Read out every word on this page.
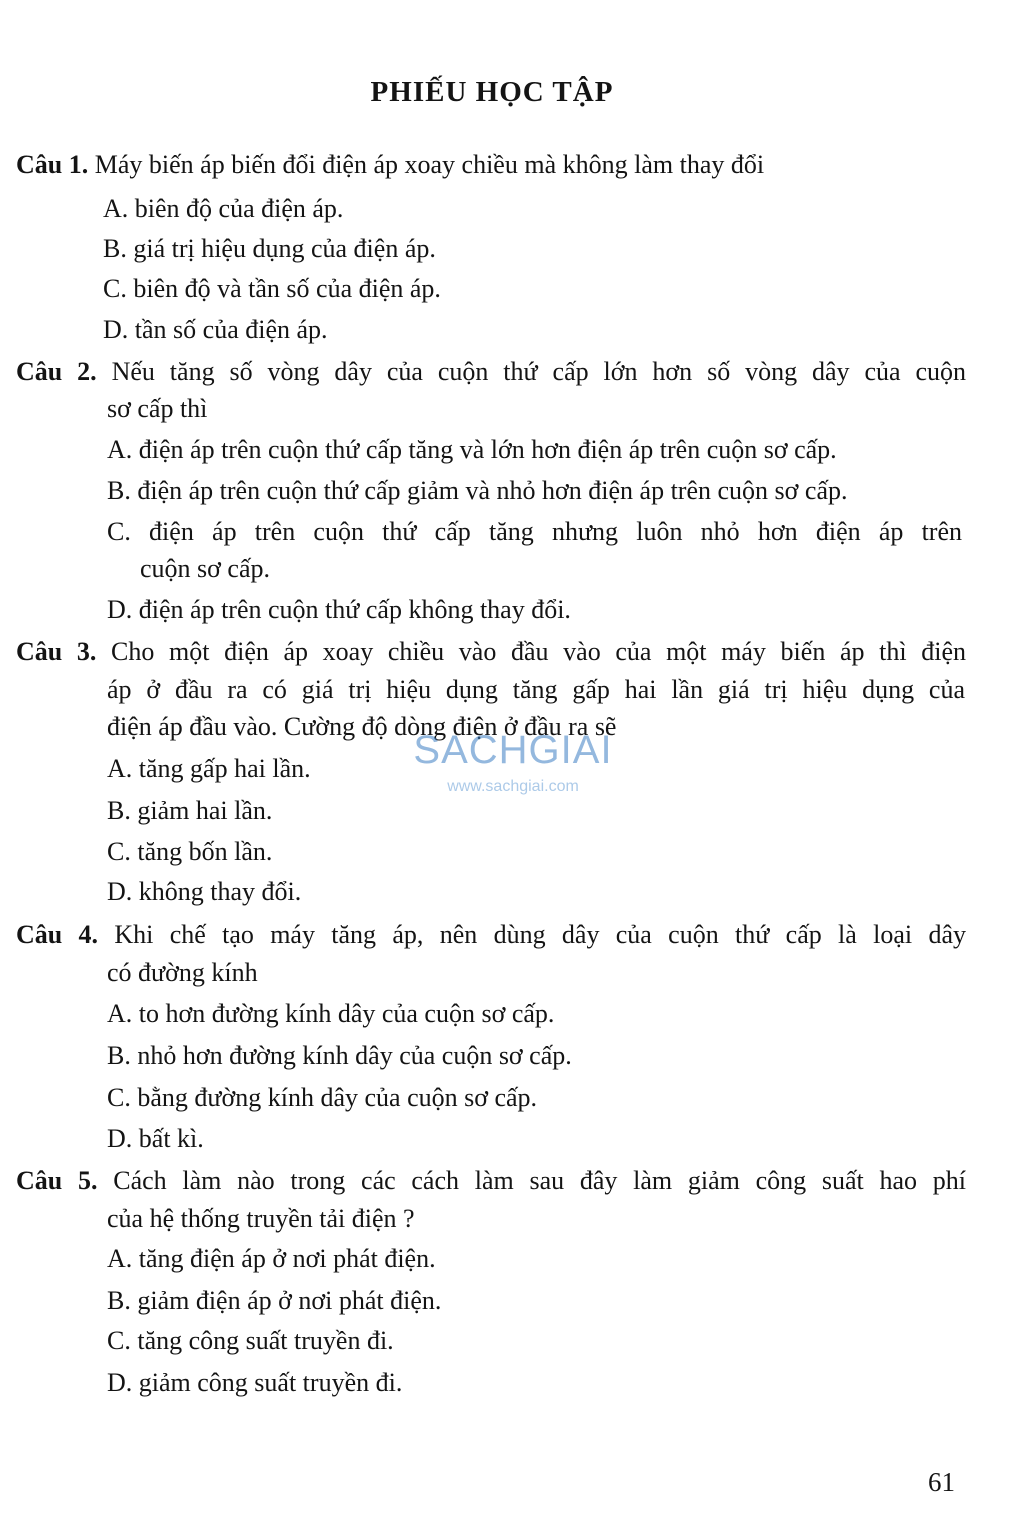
PHIẾU HỌC TẬP
Câu 1. Máy biến áp biến đổi điện áp xoay chiều mà không làm thay đổi
A. biên độ của điện áp.
B. giá trị hiệu dụng của điện áp.
C. biên độ và tần số của điện áp.
D. tần số của điện áp.
Câu 2. Nếu tăng số vòng dây của cuộn thứ cấp lớn hơn số vòng dây của cuộn
sơ cấp thì
A. điện áp trên cuộn thứ cấp tăng và lớn hơn điện áp trên cuộn sơ cấp.
B. điện áp trên cuộn thứ cấp giảm và nhỏ hơn điện áp trên cuộn sơ cấp.
C. điện áp trên cuộn thứ cấp tăng nhưng luôn nhỏ hơn điện áp trên
cuộn sơ cấp.
D. điện áp trên cuộn thứ cấp không thay đổi.
Câu 3. Cho một điện áp xoay chiều vào đầu vào của một máy biến áp thì điện
áp ở đầu ra có giá trị hiệu dụng tăng gấp hai lần giá trị hiệu dụng của
điện áp đầu vào. Cường độ dòng điện ở đầu ra sẽ
A. tăng gấp hai lần.
B. giảm hai lần.
C. tăng bốn lần.
D. không thay đổi.
Câu 4. Khi chế tạo máy tăng áp, nên dùng dây của cuộn thứ cấp là loại dây
có đường kính
A. to hơn đường kính dây của cuộn sơ cấp.
B. nhỏ hơn đường kính dây của cuộn sơ cấp.
C. bằng đường kính dây của cuộn sơ cấp.
D. bất kì.
Câu 5. Cách làm nào trong các cách làm sau đây làm giảm công suất hao phí
của hệ thống truyền tải điện ?
A. tăng điện áp ở nơi phát điện.
B. giảm điện áp ở nơi phát điện.
C. tăng công suất truyền đi.
D. giảm công suất truyền đi.
SACHGIAI
www.sachgiai.com
61
